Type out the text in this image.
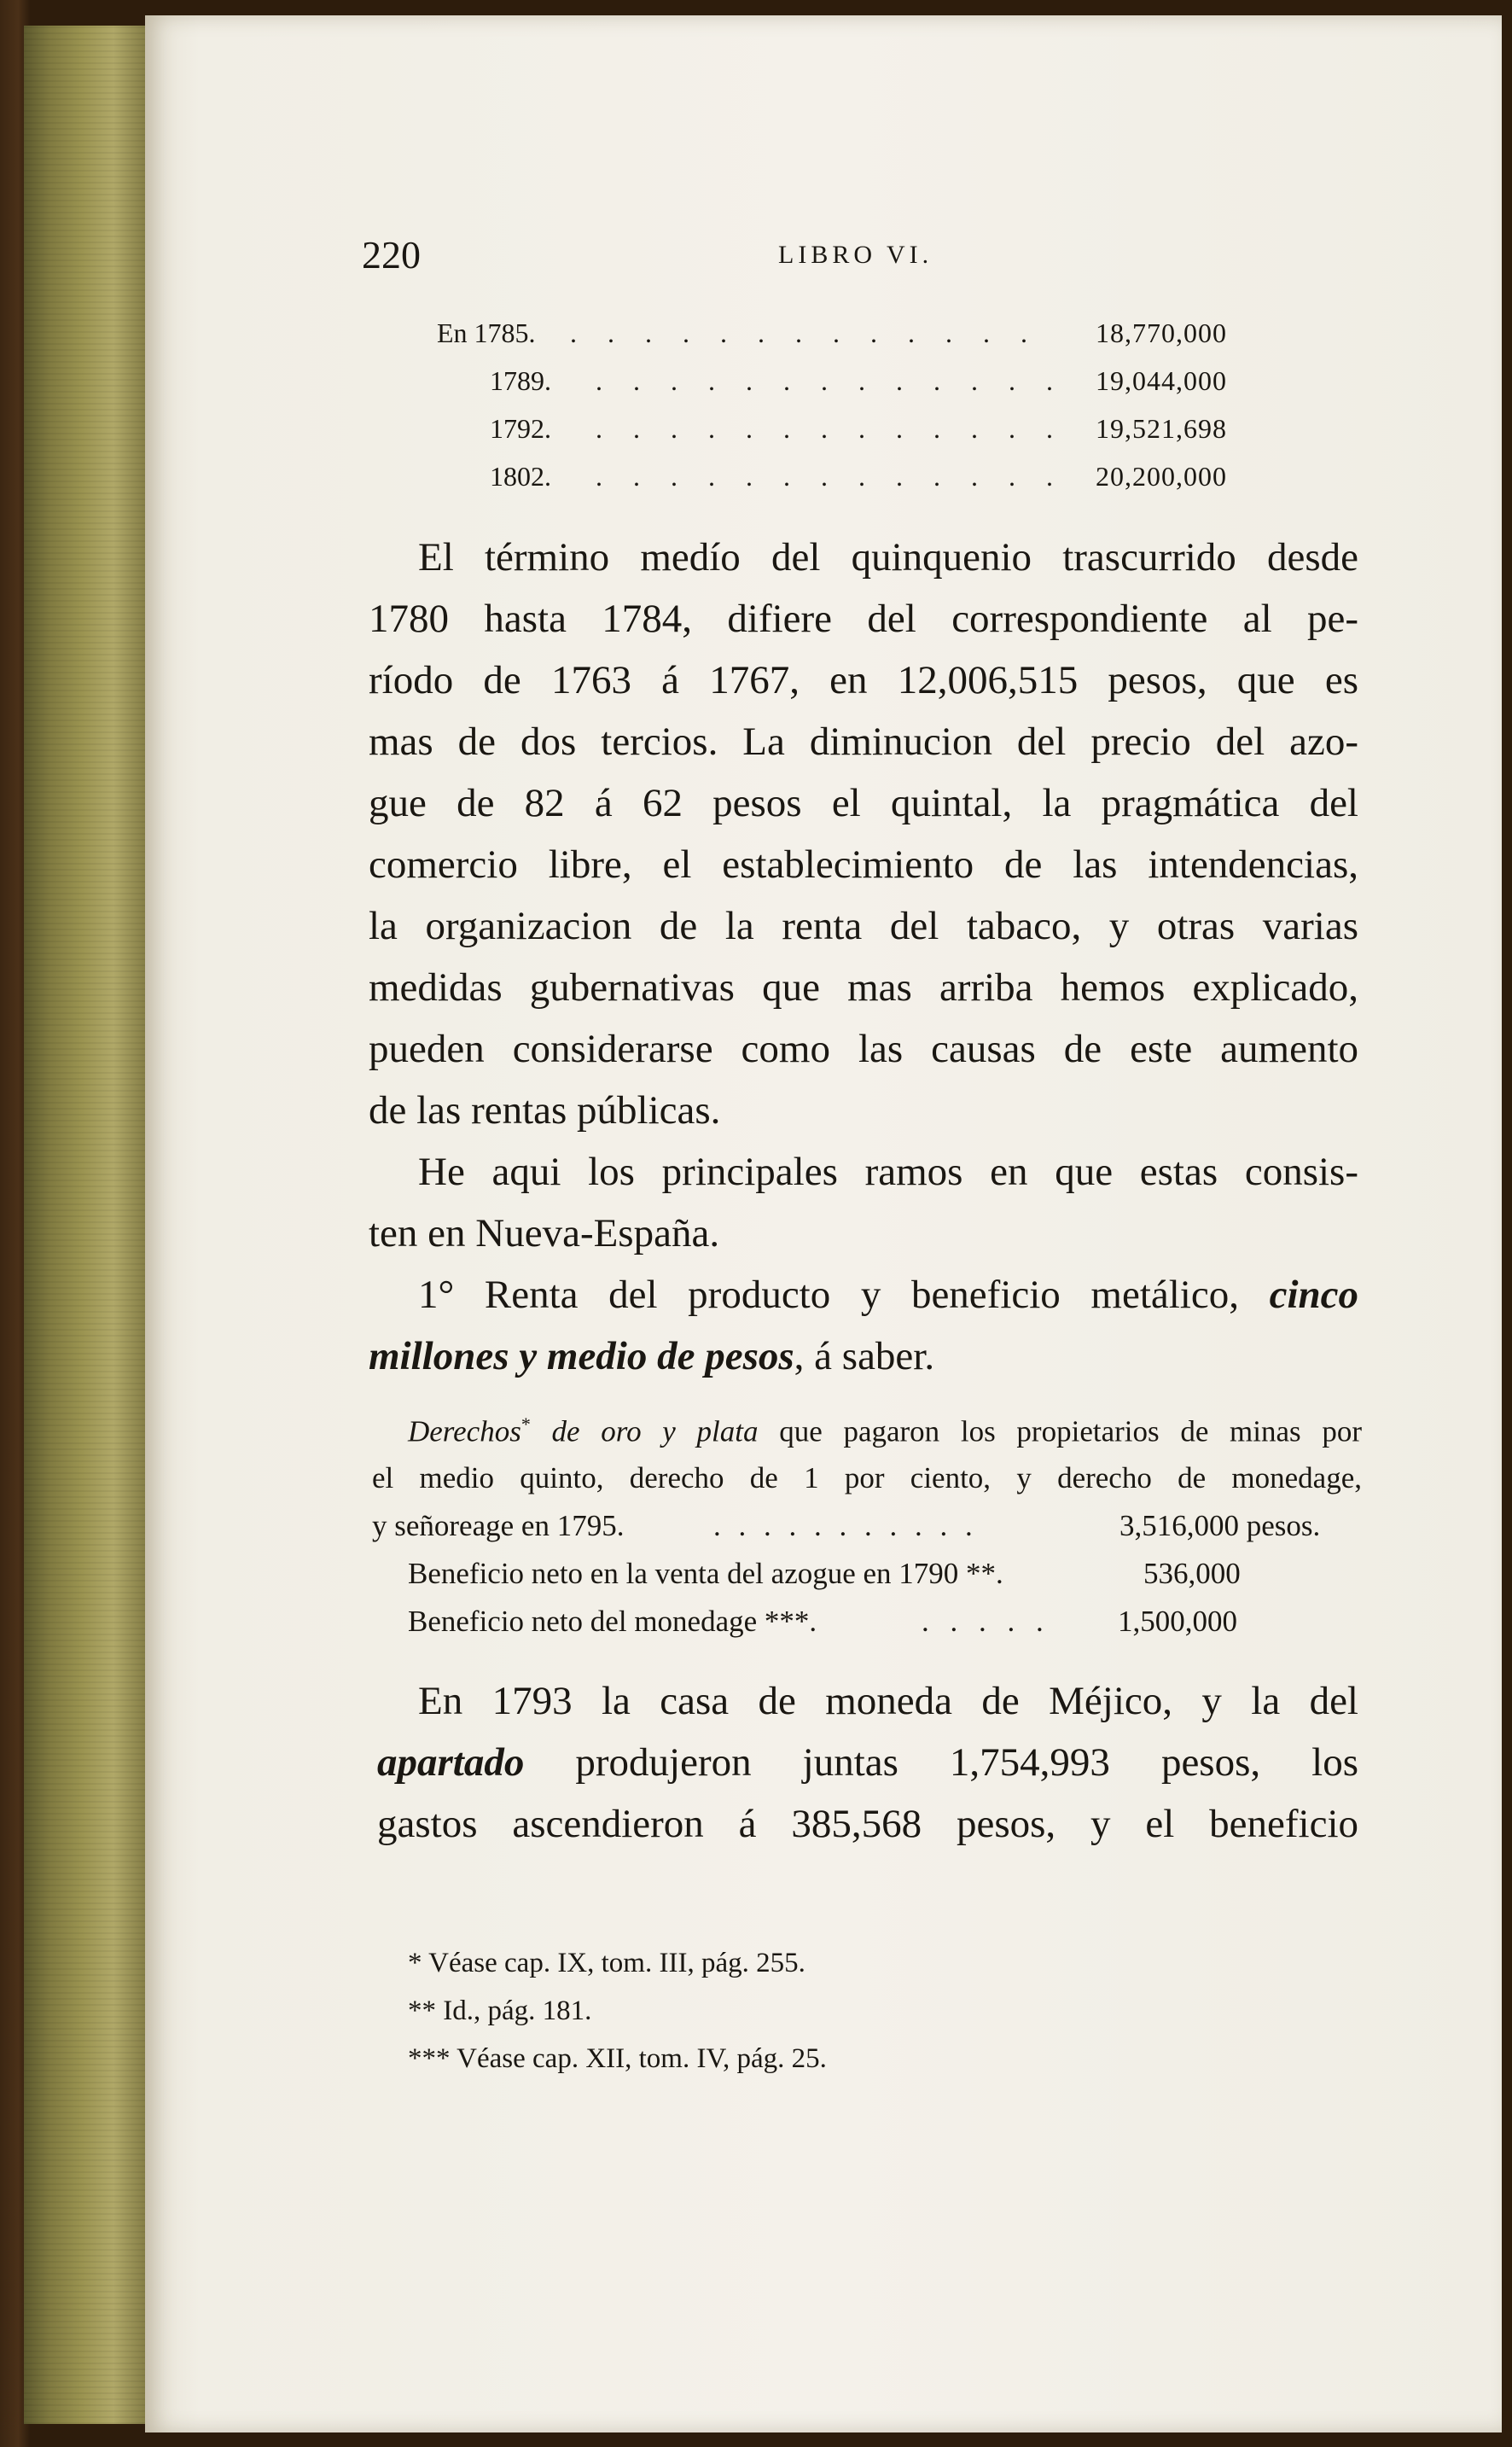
220	LIBRO VI.
En 1785. . . . . . . . . . . . . . 18,770,000
1789. . . . . . . . . . . . . . 19,044,000
1792. . . . . . . . . . . . . . 19,521,698
1802. . . . . . . . . . . . . . 20,200,000
El término medío del quinquenio trascurrido desde
1780 hasta 1784, difiere del correspondiente al pe-
ríodo de 1763 á 1767, en 12,006,515 pesos, que es
mas de dos tercios. La diminucion del precio del azo-
gue de 82 á 62 pesos el quintal, la pragmática del
comercio libre, el establecimiento de las intendencias,
la organizacion de la renta del tabaco, y otras varias
medidas gubernativas que mas arriba hemos explicado,
pueden considerarse como las causas de este aumento
de las rentas públicas.
He aqui los principales ramos en que estas consis-
ten en Nueva-España.
1° Renta del producto y beneficio metálico, cinco
millones y medio de pesos, á saber.
Derechos* de oro y plata que pagaron los propietarios de minas por
el medio quinto, derecho de 1 por ciento, y derecho de monedage,
y señoreage en 1795.	. . . . . . . . . . .	3,516,000 pesos.
Beneficio neto en la venta del azogue en 1790 **.	536,000
Beneficio neto del monedage ***.	. . . . . 1,500,000
En 1793 la casa de moneda de Méjico, y la del
apartado produjeron juntas 1,754,993 pesos, los
gastos ascendieron á 385,568 pesos, y el beneficio
* Véase cap. IX, tom. III, pág. 255.
** Id., pág. 181.
*** Véase cap. XII, tom. IV, pág. 25.
